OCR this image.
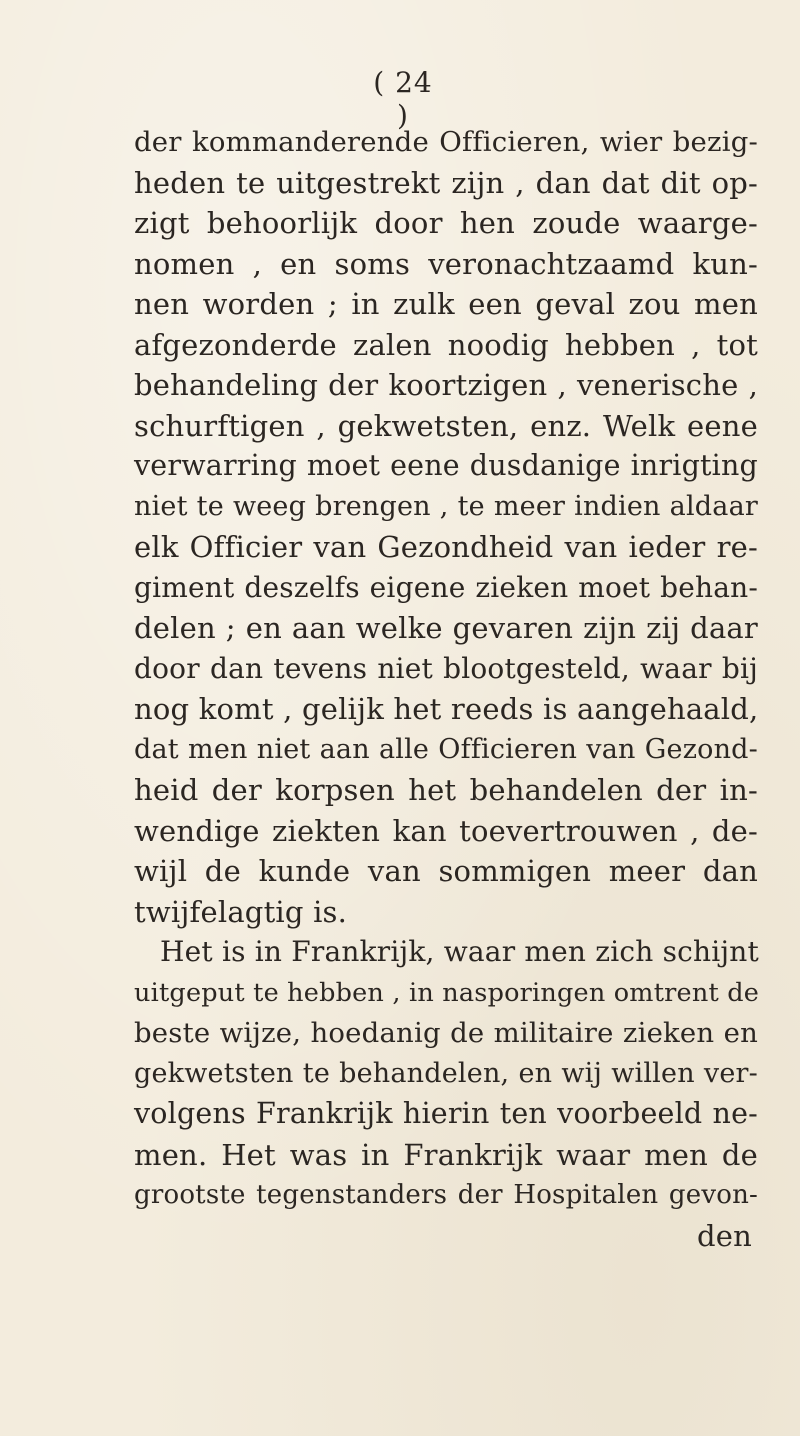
( 24 )
der kommanderende Officieren, wier bezig-
heden te uitgestrekt zijn , dan dat dit op-
zigt behoorlijk door hen zoude waarge-
nomen , en soms veronachtzaamd kun-
nen worden ; in zulk een geval zou men
afgezonderde zalen noodig hebben , tot
behandeling der koortzigen , venerische ,
schurftigen , gekwetsten, enz. Welk eene
verwarring moet eene dusdanige inrigting
niet te weeg brengen , te meer indien aldaar
elk Officier van Gezondheid van ieder re-
giment deszelfs eigene zieken moet behan-
delen ; en aan welke gevaren zijn zij daar
door dan tevens niet blootgesteld, waar bij
nog komt , gelijk het reeds is aangehaald,
dat men niet aan alle Officieren van Gezond-
heid der korpsen het behandelen der in-
wendige ziekten kan toevertrouwen , de-
wijl de kunde van sommigen meer dan
twijfelagtig is.
Het is in Frankrijk, waar men zich schijnt
uitgeput te hebben , in nasporingen omtrent de
beste wijze, hoedanig de militaire zieken en
gekwetsten te behandelen, en wij willen ver-
volgens Frankrijk hierin ten voorbeeld ne-
men. Het was in Frankrijk waar men de
grootste tegenstanders der Hospitalen gevon-
den
